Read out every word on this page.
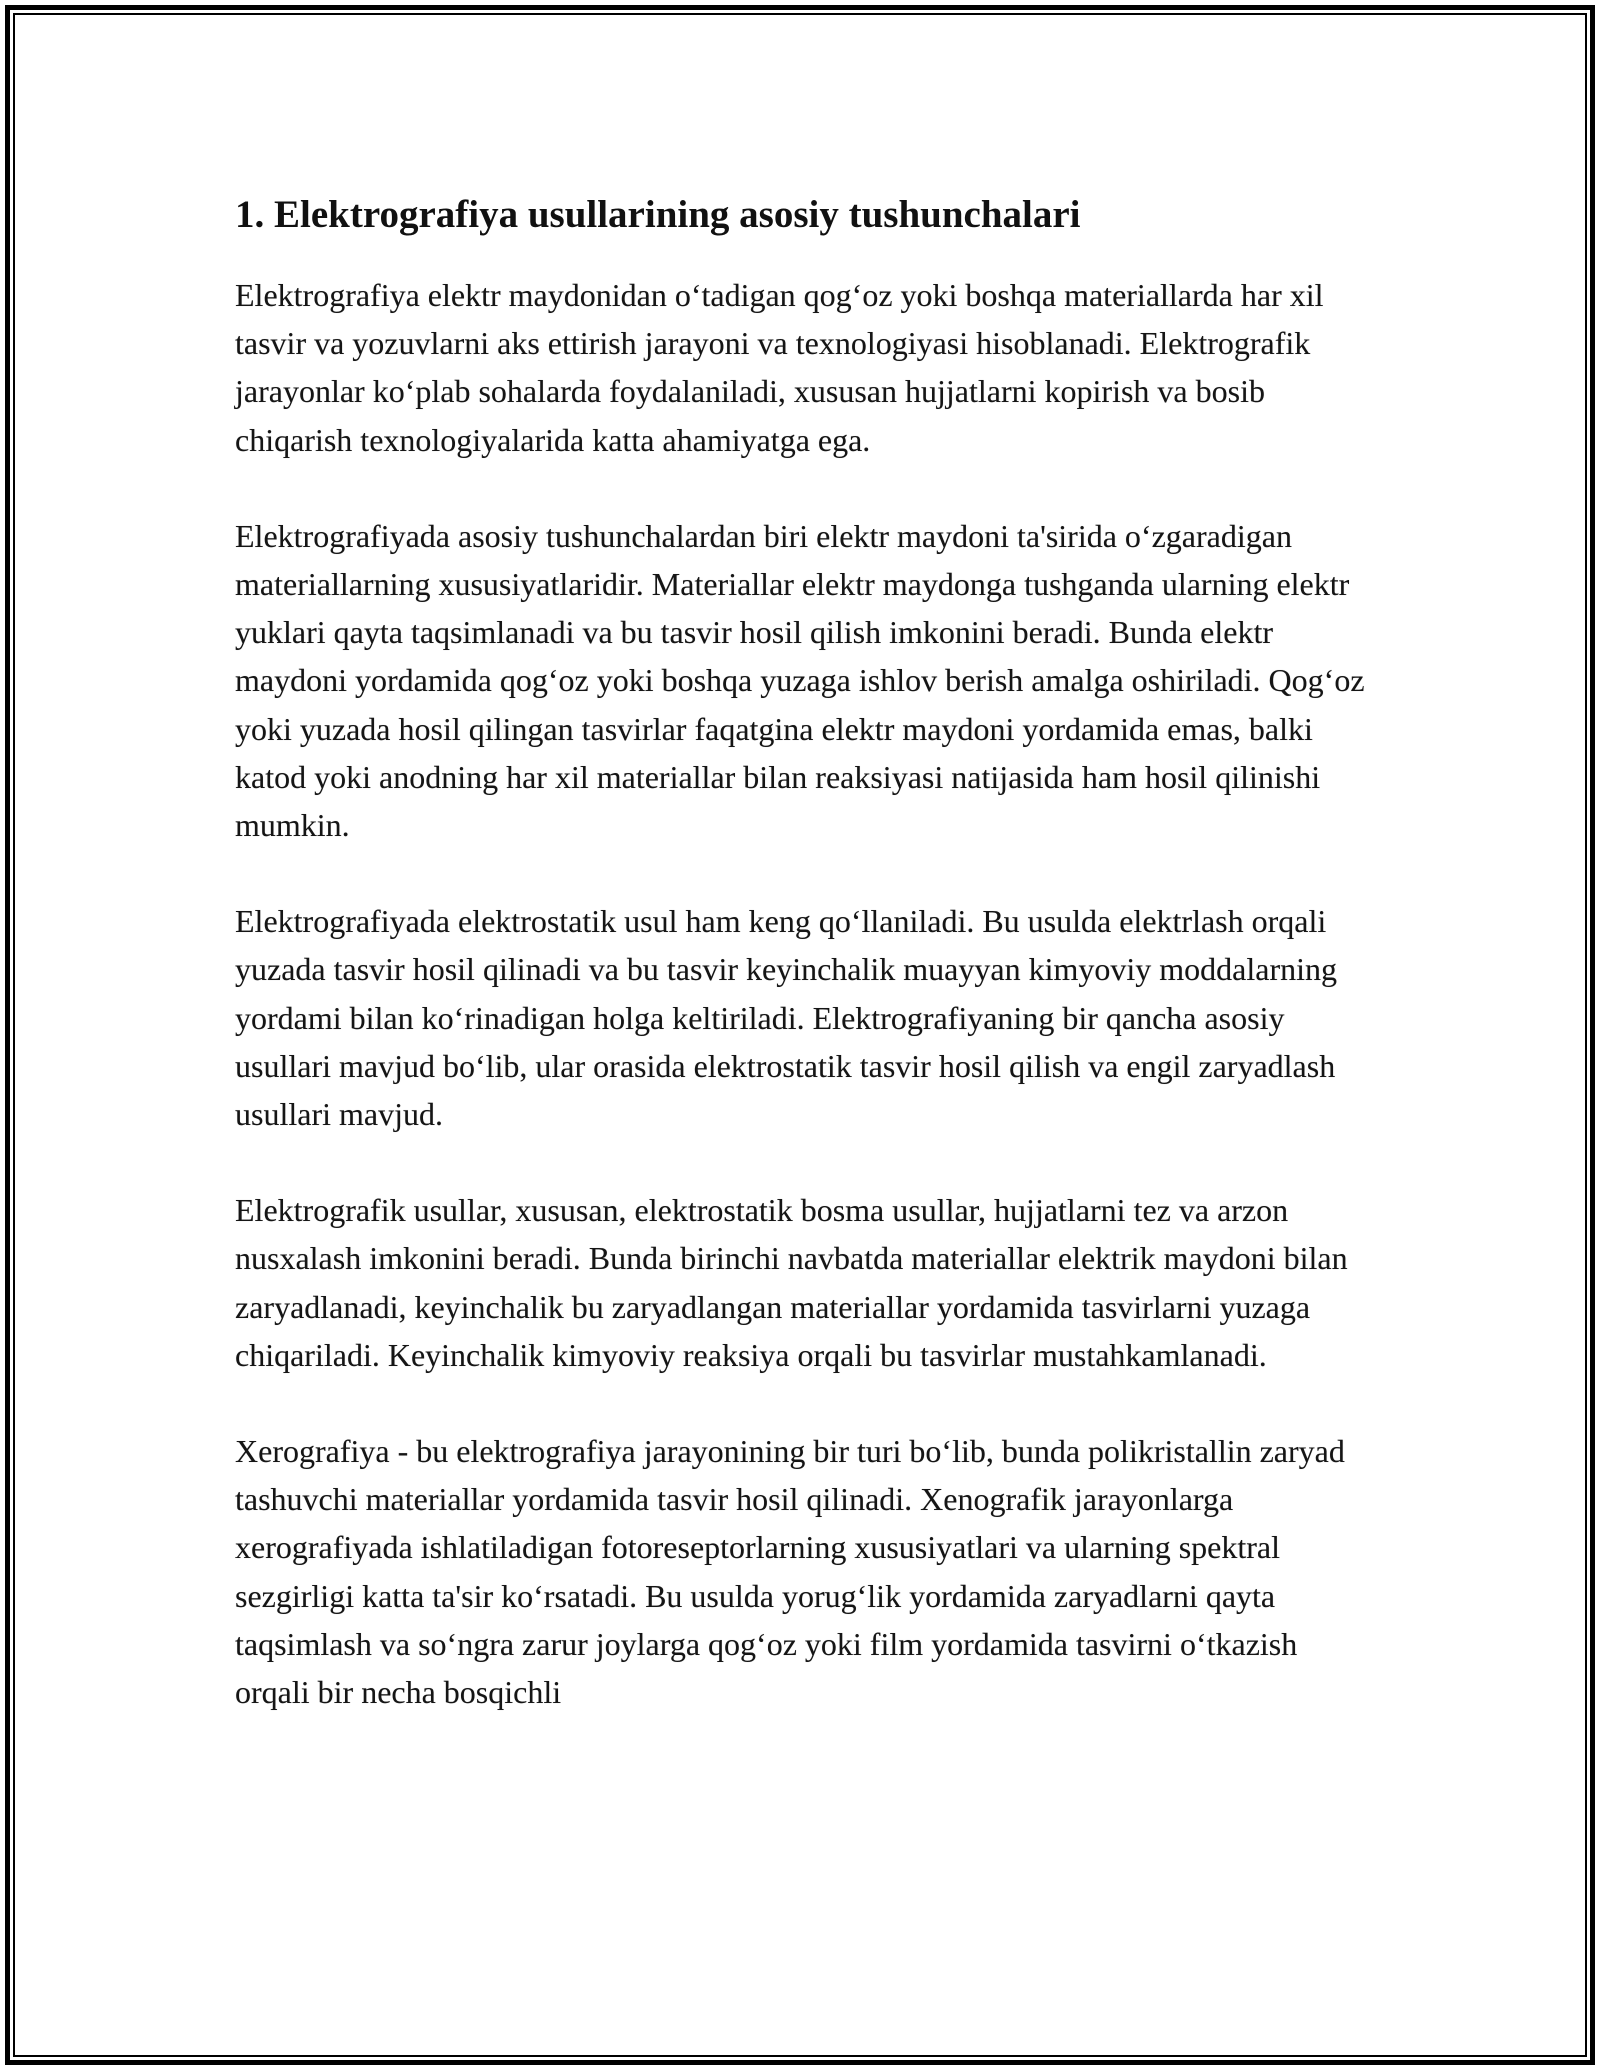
1. Elektrografiya usullarining asosiy tushunchalari

Elektrografiya elektr maydonidan o‘tadigan qog‘oz yoki boshqa materiallarda har xil tasvir va yozuvlarni aks ettirish jarayoni va texnologiyasi hisoblanadi. Elektrografik jarayonlar ko‘plab sohalarda foydalaniladi, xususan hujjatlarni kopirish va bosib chiqarish texnologiyalarida katta ahamiyatga ega.

Elektrografiyada asosiy tushunchalardan biri elektr maydoni ta'sirida o‘zgaradigan materiallarning xususiyatlaridir. Materiallar elektr maydonga tushganda ularning elektr yuklari qayta taqsimlanadi va bu tasvir hosil qilish imkonini beradi. Bunda elektr maydoni yordamida qog‘oz yoki boshqa yuzaga ishlov berish amalga oshiriladi. Qog‘oz yoki yuzada hosil qilingan tasvirlar faqatgina elektr maydoni yordamida emas, balki katod yoki anodning har xil materiallar bilan reaksiyasi natijasida ham hosil qilinishi mumkin.

Elektrografiyada elektrostatik usul ham keng qo‘llaniladi. Bu usulda elektrlash orqali yuzada tasvir hosil qilinadi va bu tasvir keyinchalik muayyan kimyoviy moddalarning yordami bilan ko‘rinadigan holga keltiriladi. Elektrografiyaning bir qancha asosiy usullari mavjud bo‘lib, ular orasida elektrostatik tasvir hosil qilish va engil zaryadlash usullari mavjud.

Elektrografik usullar, xususan, elektrostatik bosma usullar, hujjatlarni tez va arzon nusxalash imkonini beradi. Bunda birinchi navbatda materiallar elektrik maydoni bilan zaryadlanadi, keyinchalik bu zaryadlangan materiallar yordamida tasvirlarni yuzaga chiqariladi. Keyinchalik kimyoviy reaksiya orqali bu tasvirlar mustahkamlanadi.

Xerografiya - bu elektrografiya jarayonining bir turi bo‘lib, bunda polikristallin zaryad tashuvchi materiallar yordamida tasvir hosil qilinadi. Xenografik jarayonlarga xerografiyada ishlatiladigan fotoreseptorlarning xususiyatlari va ularning spektral sezgirligi katta ta'sir ko‘rsatadi. Bu usulda yorug‘lik yordamida zaryadlarni qayta taqsimlash va so‘ngra zarur joylarga qog‘oz yoki film yordamida tasvirni o‘tkazish orqali bir necha bosqichli
